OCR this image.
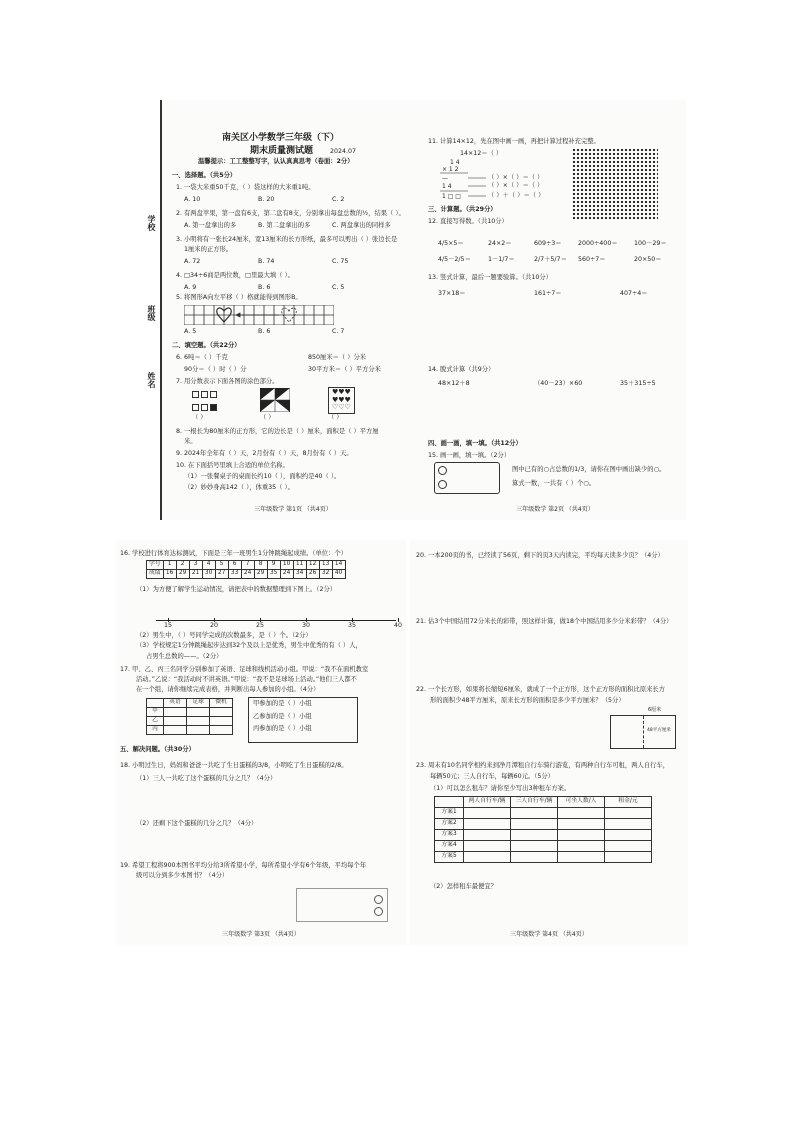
南关区小学数学三年级（下）
期末质量测试题	2024.07
温馨提示：工工整整写字，认认真真思考（卷面：2分）
一、选择题。（共5分）
1. 一袋大米重50千克，（ ）袋这样的大米重1吨。
A. 10	B. 20	C. 2
2. 有两盘苹果，第一盘有6支，第二盘有8支，分别拿出每盘总数的½，结果（ ）。
A. 第一盘拿出的多	B. 第二盘拿出的多	C. 两盘拿出的同样多
3. 小明将有一张长24厘米，宽13厘米的长方形纸，最多可以剪出（ ）张边长是
1厘米的正方形。
A. 72	B. 74	C. 75
4. □34÷6商是两位数，□里最大填（ ）。
A. 9	B. 6	C. 5
5. 将图形A向左平移（ ）格就能得到图形B。
A. 5	B. 6	C. 7
二、填空题。（共22分）
6. 6吨＝（ ）千克	850厘米＝（ ）分米
90分＝（ ）时（ ）分	30平方米＝（ ）平方分米
7. 用分数表示下面各图的涂色部分。
♥♥♥
♥♥♥
♡♡♡
（ ）	（ ）	（ ）
8. 一根长为80厘米的正方形，它的边长是（ ）厘米，面积是（ ）平方厘
米。
9. 2024年全年有（ ）天，2月份有（ ）天，8月份有（ ）天。
10. 在下面括号里填上合适的单位名称。
（1）一张餐桌子的桌面长约10（ ），面积约是40（ ）。
（2）妙妙身高142（ ），体重35（ ）。
三年级数学 第1页 （共4页）
学校
班级
姓名
11. 计算14×12，先在图中画一画，再把计算过程补充完整。
14×12＝（ ）
1 4
× 1 2
—
1 4
1 □ □
（ ）×（ ）＝（ ）
（ ）×（ ）＝（ ）
（ ）＋（ ）＝（ ）
三、计算题。（共29分）
12. 直接写得数。（共10分）
4/5×5＝	24×2＝	609÷3＝	2000÷400＝	100－29＝
4/5－2/5＝	1－1/7＝	2/7＋5/7＝ 560÷7＝	20×50＝
13. 竖式计算，最后一题要验算。（共10分）
37×18＝	161÷7＝	407÷4＝
14. 脱式计算（共9分）
48×12＋8	（40－23）×60	35＋315÷5
四、画一画，填一填。（共12分）
15. 画一画，填一填。（2分）
图中已有的○占总数的1/3，请你在图中画出缺少的○。
算式一数，一共有（ ）个○。
三年级数学 第2页 （共4页）
16. 学校进行体育达标测试，下面是三年一班男生1分钟跳绳起成绩。（单位：个）
学号	1	2	3	4	5	6	7	8	9	10	11	12	13	14
成绩	16	29	21	30	27	33	24	29	35	24	34	26	32	40
（1）为方便了解学生运动情况，请把表中的数据整理到下图上。（2分）
（2）男生中，（ ）号同学完成的次数最多，是（ ）个。（2分）
（3）学校规定1分钟跳绳起步达到32个及以上是优秀，男生中优秀的有（ ）人，
占男生总数的——。（2分）
17. 甲、乙、丙三名同学分别参加了英语、足球和线机活动小组。甲说：“我不在面机教室
活动。”乙说：“我活动时不讲英语。”甲说：“我不是足球场上活动。”他们三人都不
在一个组，请你继续完成表格，并判断出每人参加的小组。（4分）
	英语	足球	微机
甲			
乙			
丙			
甲参加的是（ ）小组
乙参加的是（ ）小组
丙参加的是（ ）小组
五、解决问题。（共30分）
18. 小明过生日，妈妈和爸爸一共吃了生日蛋糕的3/8，小明吃了生日蛋糕的2/8。
（1）三人一共吃了这个蛋糕的几分之几？（4分）
（2）还剩下这个蛋糕的几分之几？（4分）
19. 希望工程将900本图书平均分给3所希望小学，每所希望小学有6个年级，平均每个年
级可以分到多少本图书？（4分）
三年级数学 第3页 （共4页）
15	20	25	30	35	40
20. 一本200页的书，已经读了56页，剩下的页3天内读完，平均每天读多少页？（4分）
21. 估3个中国结用72分米长的彩带，照这样计算，做18个中国结用多少分米彩带？（4分）
22. 一个长方形，如果将长缩短6厘米，就成了一个正方形，这个正方形的面积比原来长方
形的面积少48平方厘米，原来长方形的面积是多少平方厘米？（5分）
48平方厘米
6厘米
23. 周末有10名同学相约来到净月潭租自行车骑行游览，有两种自行车可租，两人自行车，
每辆50元；三人自行车，每辆60元。（5分）
（1）可以怎么租车？请你至少写出3种租车方案。
	两人自行车/辆	三人自行车/辆	可坐人数/人	租金/元
方案1				
方案2				
方案3				
方案4				
方案5				
（2）怎样租车最便宜？
三年级数学 第4页 （共4页）
